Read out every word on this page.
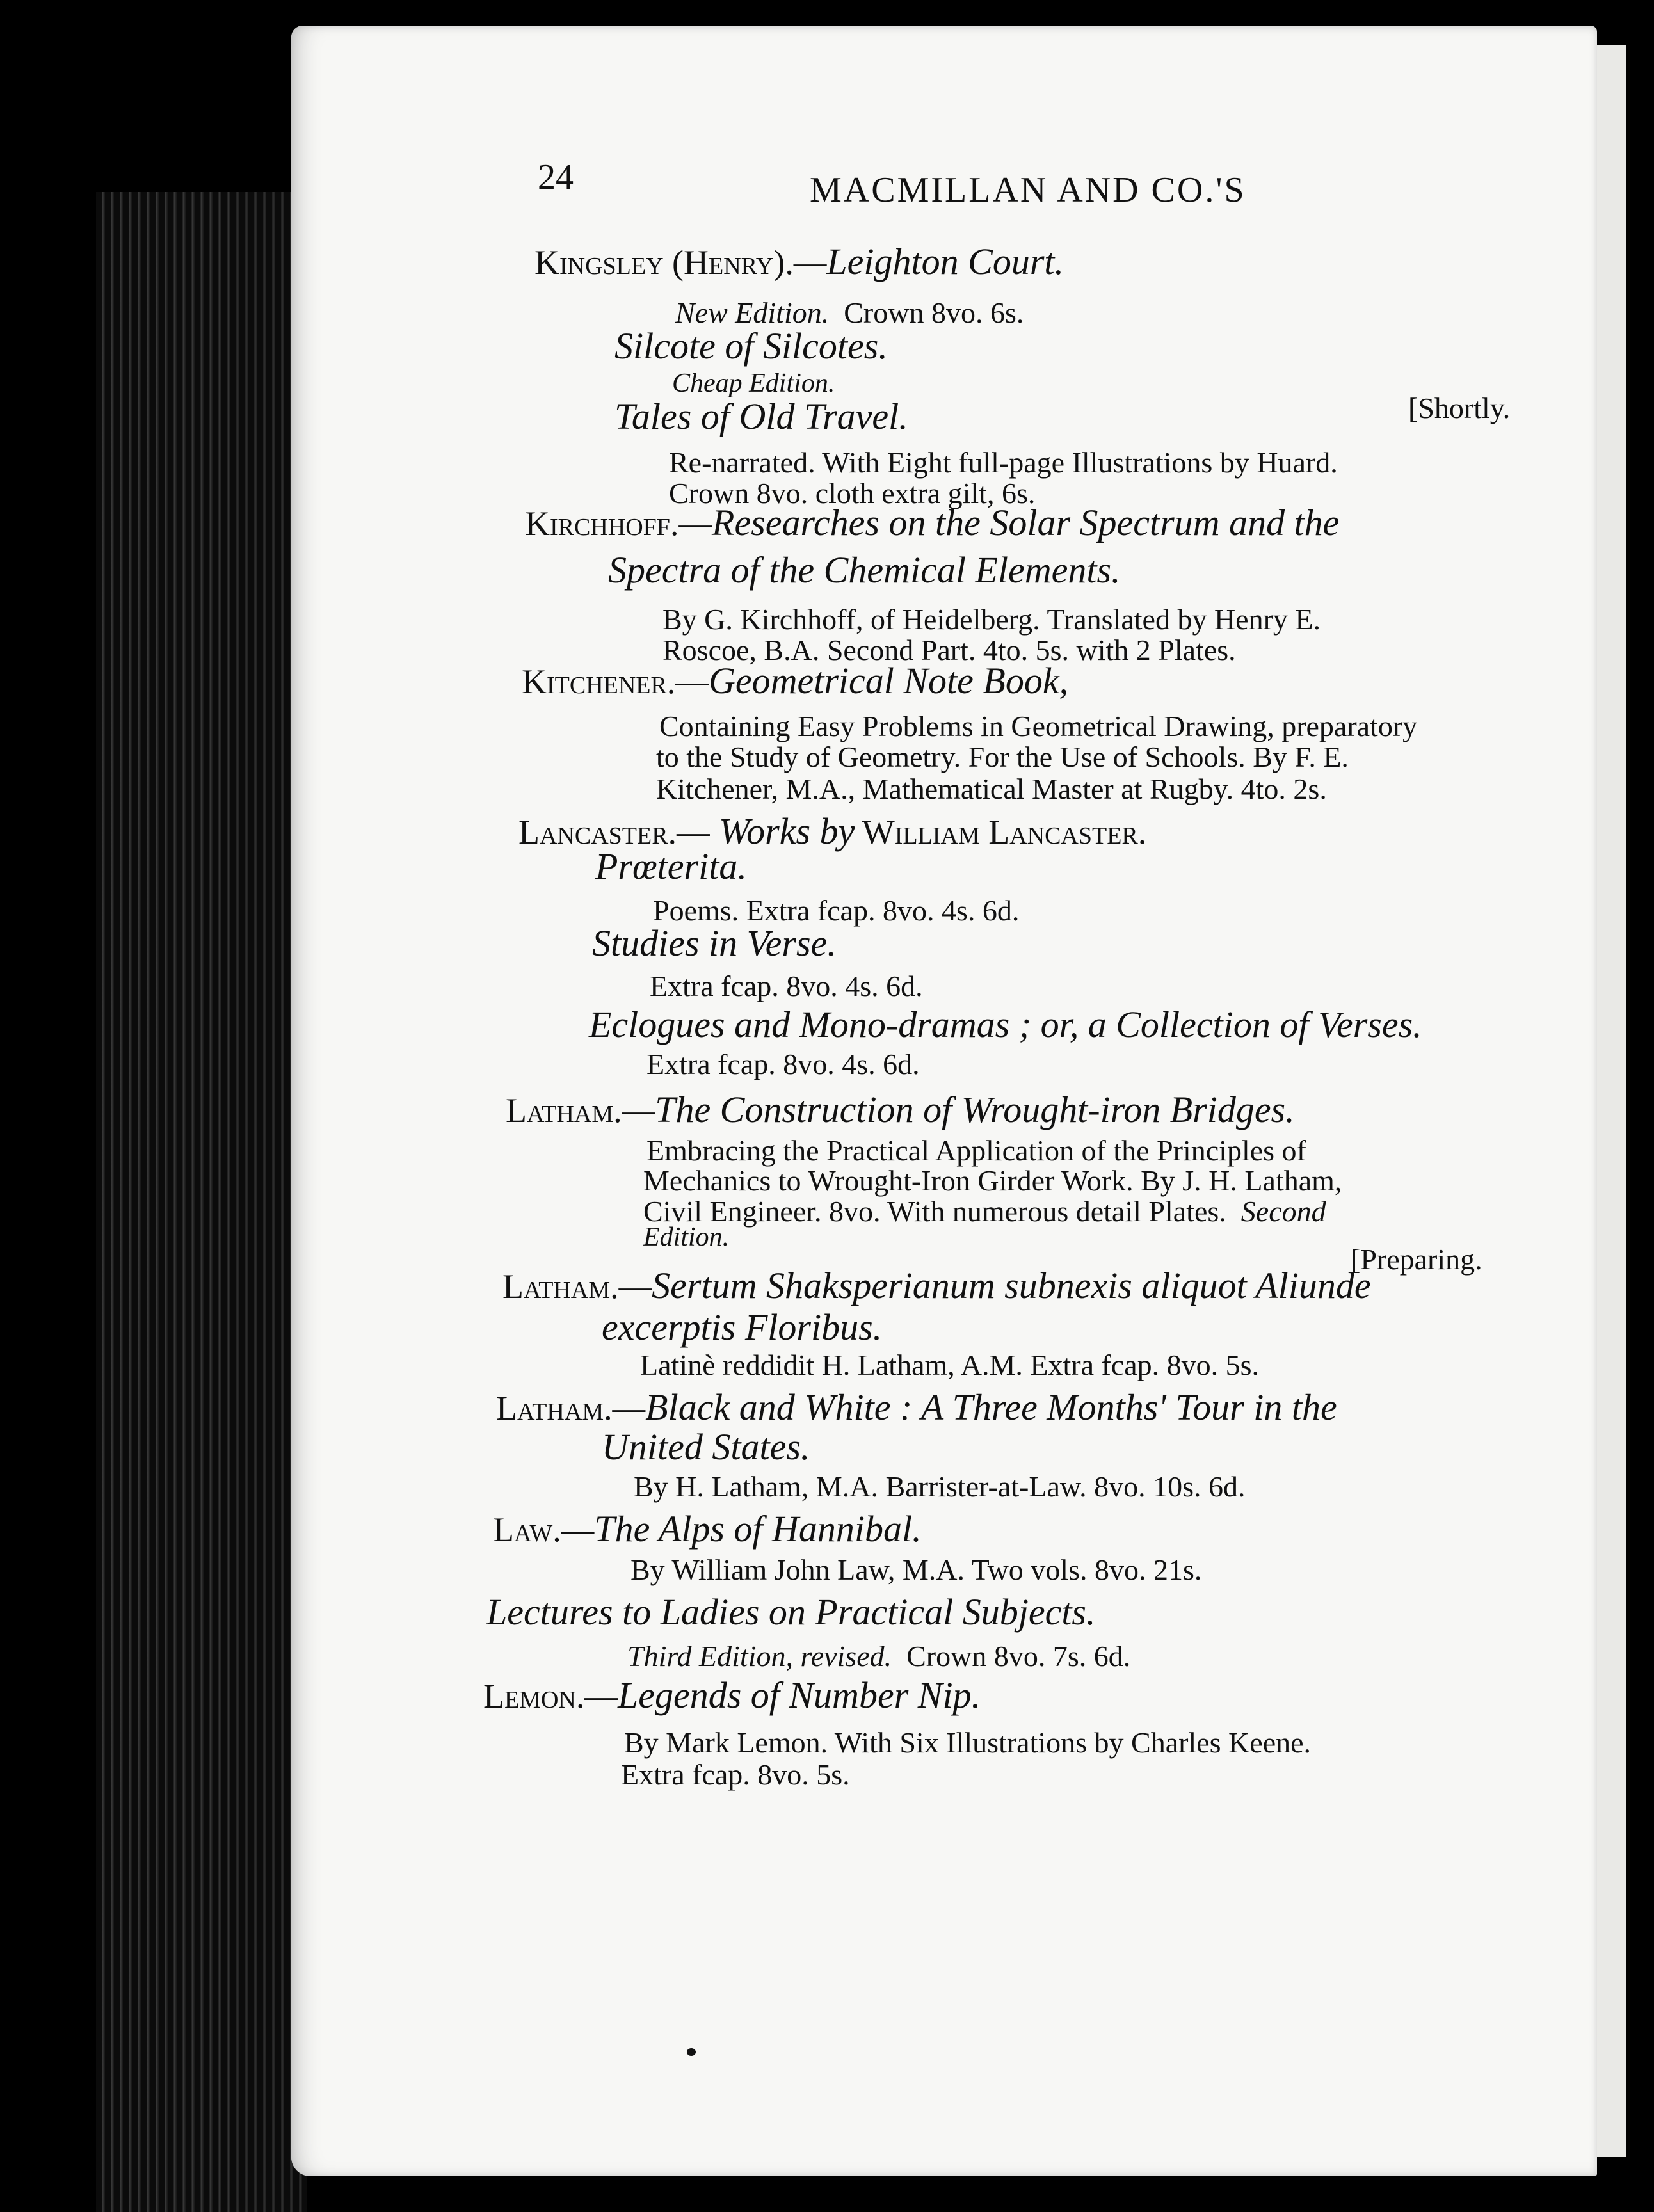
24	MACMILLAN AND CO.'S
Kingsley (Henry).—Leighton Court.
New Edition. Crown 8vo. 6s.
Silcote of Silcotes.
Cheap Edition.
[Shortly.
Tales of Old Travel.
Re-narrated. With Eight full-page Illustrations by Huard.
Crown 8vo. cloth extra gilt, 6s.
Kirchhoff.—Researches on the Solar Spectrum and the
Spectra of the Chemical Elements.
By G. Kirchhoff, of Heidelberg. Translated by Henry E.
Roscoe, B.A. Second Part. 4to. 5s. with 2 Plates.
Kitchener.—Geometrical Note Book,
Containing Easy Problems in Geometrical Drawing, preparatory
to the Study of Geometry. For the Use of Schools. By F. E.
Kitchener, M.A., Mathematical Master at Rugby. 4to. 2s.
Lancaster.— Works by William Lancaster.
Prœterita.
Poems. Extra fcap. 8vo. 4s. 6d.
Studies in Verse.
Extra fcap. 8vo. 4s. 6d.
Eclogues and Mono-dramas ; or, a Collection of Verses.
Extra fcap. 8vo. 4s. 6d.
Latham.—The Construction of Wrought-iron Bridges.
Embracing the Practical Application of the Principles of
Mechanics to Wrought-Iron Girder Work. By J. H. Latham,
Civil Engineer. 8vo. With numerous detail Plates. Second
Edition.
[Preparing.
Latham.—Sertum Shaksperianum subnexis aliquot Aliunde
excerptis Floribus.
Latinè reddidit H. Latham, A.M. Extra fcap. 8vo. 5s.
Latham.—Black and White : A Three Months' Tour in the
United States.
By H. Latham, M.A. Barrister-at-Law. 8vo. 10s. 6d.
Law.—The Alps of Hannibal.
By William John Law, M.A. Two vols. 8vo. 21s.
Lectures to Ladies on Practical Subjects.
Third Edition, revised. Crown 8vo. 7s. 6d.
Lemon.—Legends of Number Nip.
By Mark Lemon. With Six Illustrations by Charles Keene.
Extra fcap. 8vo. 5s.
